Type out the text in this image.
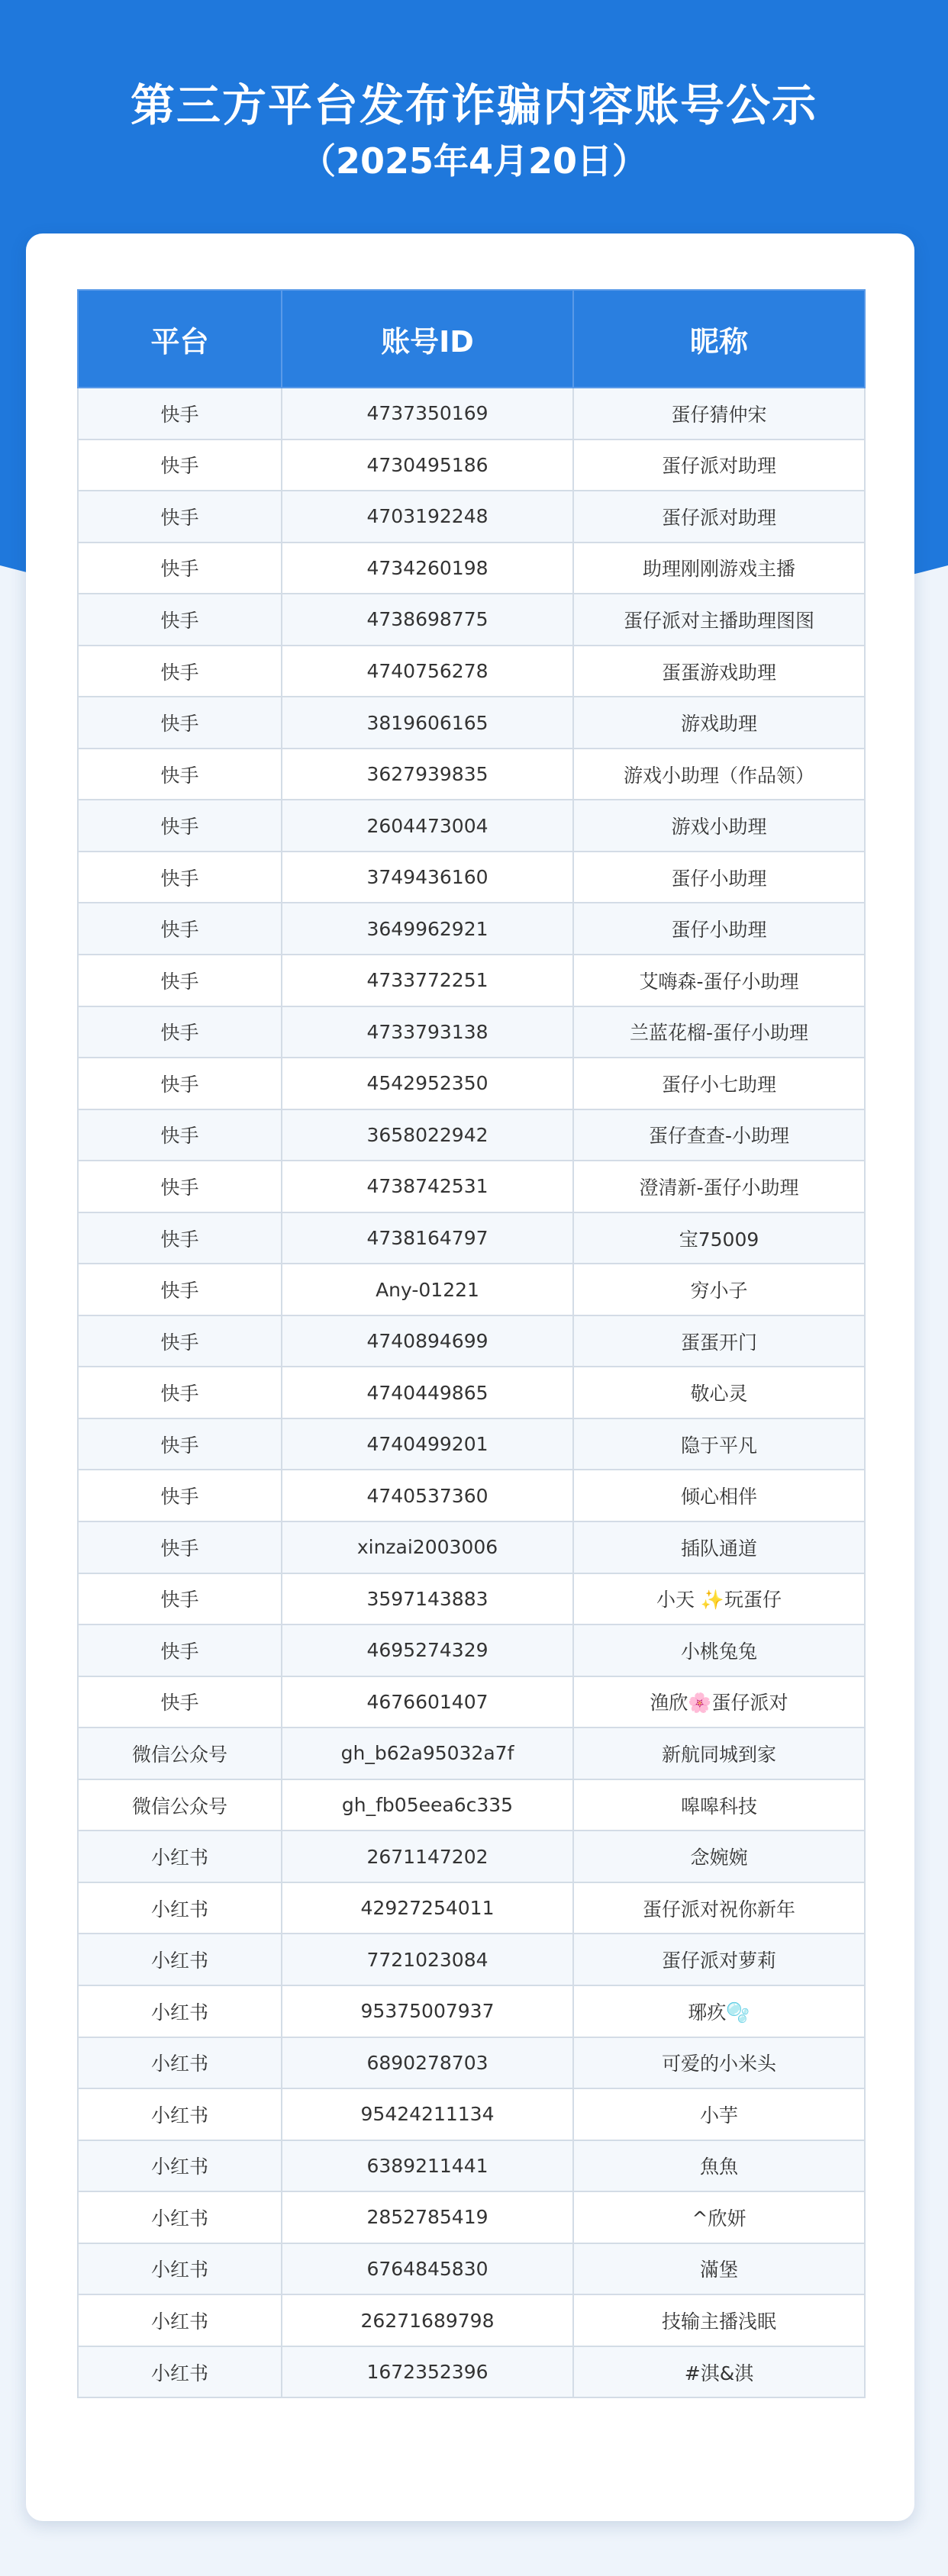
第三方平台发布诈骗内容账号公示
（2025年4月20日）
平台	账号ID	昵称
快手	4737350169	蛋仔猜仲宋
快手	4730495186	蛋仔派对助理
快手	4703192248	蛋仔派对助理
快手	4734260198	助理刚刚游戏主播
快手	4738698775	蛋仔派对主播助理图图
快手	4740756278	蛋蛋游戏助理
快手	3819606165	游戏助理
快手	3627939835	游戏小助理（作品领）
快手	2604473004	游戏小助理
快手	3749436160	蛋仔小助理
快手	3649962921	蛋仔小助理
快手	4733772251	艾嗨森-蛋仔小助理
快手	4733793138	兰蓝花榴-蛋仔小助理
快手	4542952350	蛋仔小七助理
快手	3658022942	蛋仔查查-小助理
快手	4738742531	澄清新-蛋仔小助理
快手	4738164797	宝75009
快手	Any-01221	穷小子
快手	4740894699	蛋蛋开门
快手	4740449865	敬心灵
快手	4740499201	隐于平凡
快手	4740537360	倾心相伴
快手	xinzai2003006	插队通道
快手	3597143883	小天 ✨玩蛋仔
快手	4695274329	小桃兔兔
快手	4676601407	渔欣🌸蛋仔派对
微信公众号	gh_b62a95032a7f	新航同城到家
微信公众号	gh_fb05eea6c335	嗥嗥科技
小红书	2671147202	念婉婉
小红书	42927254011	蛋仔派对祝你新年
小红书	7721023084	蛋仔派对萝莉
小红书	95375007937	琊疚🫧
小红书	6890278703	可爱的小米头
小红书	95424211134	小芋
小红书	6389211441	魚魚
小红书	2852785419	^欣妍
小红书	6764845830	滿堡
小红书	26271689798	技输主播浅眠
小红书	1672352396	#淇&淇
